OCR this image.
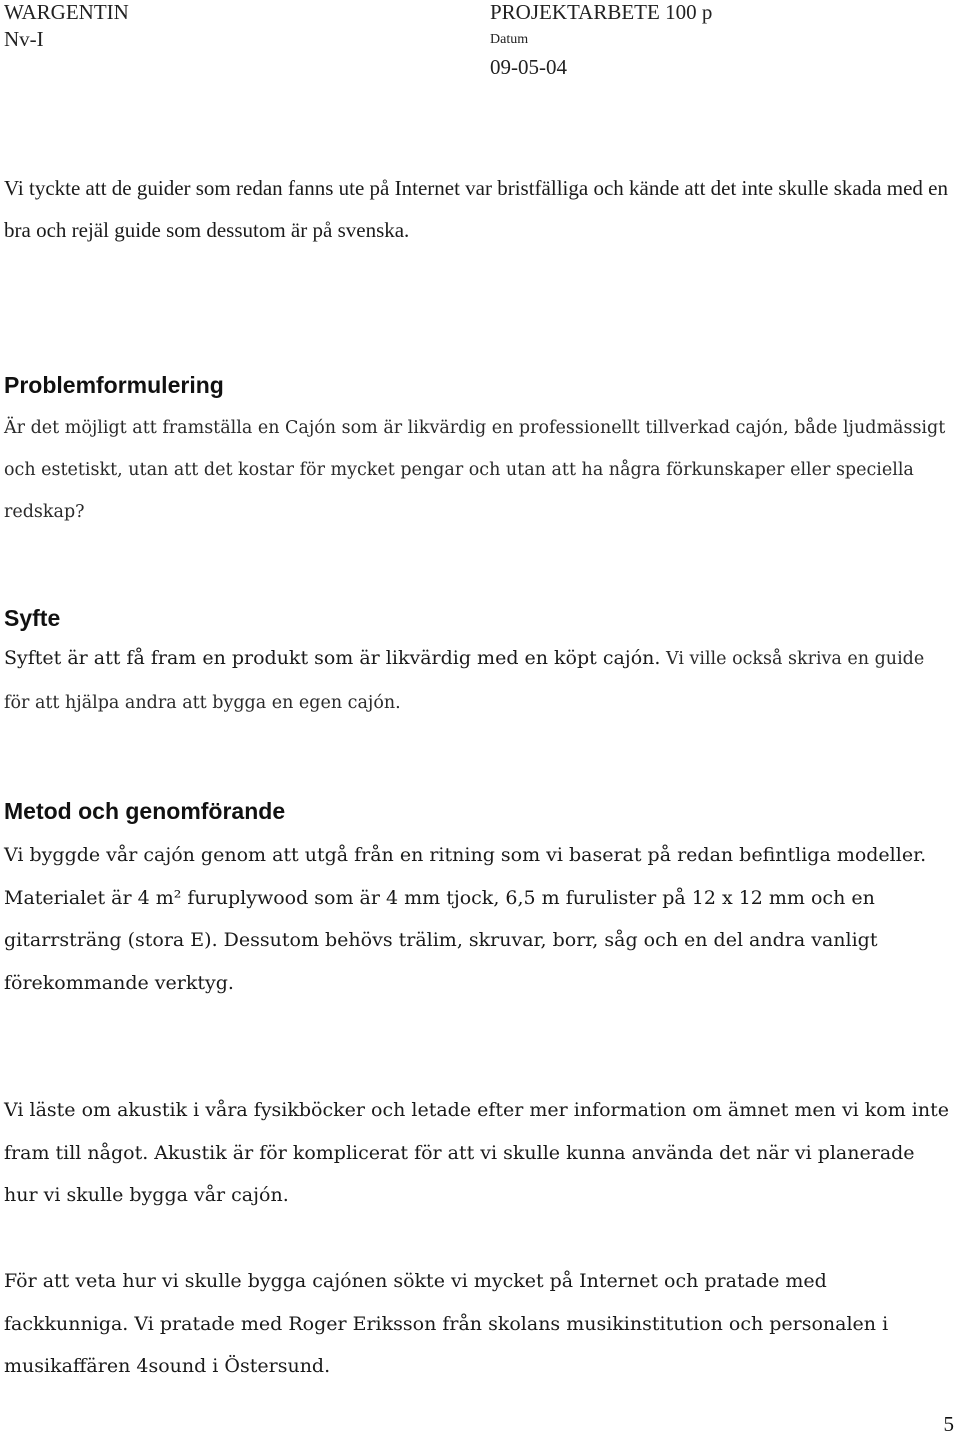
WARGENTIN
Nv-I
PROJEKTARBETE 100 p
Datum
09-05-04

Vi tyckte att de guider som redan fanns ute på Internet var bristfälliga och kände att det inte skulle skada med en bra och rejäl guide som dessutom är på svenska.

Problemformulering

Är det möjligt att framställa en Cajón som är likvärdig en professionellt tillverkad cajón, både ljudmässigt och estetiskt, utan att det kostar för mycket pengar och utan att ha några förkunskaper eller speciella redskap?

Syfte

Syftet är att få fram en produkt som är likvärdig med en köpt cajón. Vi ville också skriva en guide för att hjälpa andra att bygga en egen cajón.

Metod och genomförande

Vi byggde vår cajón genom att utgå från en ritning som vi baserat på redan befintliga modeller. Materialet är 4 m² furuplywood som är 4 mm tjock, 6,5 m furulister på 12 x 12 mm och en gitarrsträng (stora E). Dessutom behövs trälim, skruvar, borr, såg och en del andra vanligt förekommande verktyg.

Vi läste om akustik i våra fysikböcker och letade efter mer information om ämnet men vi kom inte fram till något. Akustik är för komplicerat för att vi skulle kunna använda det när vi planerade hur vi skulle bygga vår cajón.

För att veta hur vi skulle bygga cajónen sökte vi mycket på Internet och pratade med fackkunniga. Vi pratade med Roger Eriksson från skolans musikinstitution och personalen i musikaffären 4sound i Östersund.

5
